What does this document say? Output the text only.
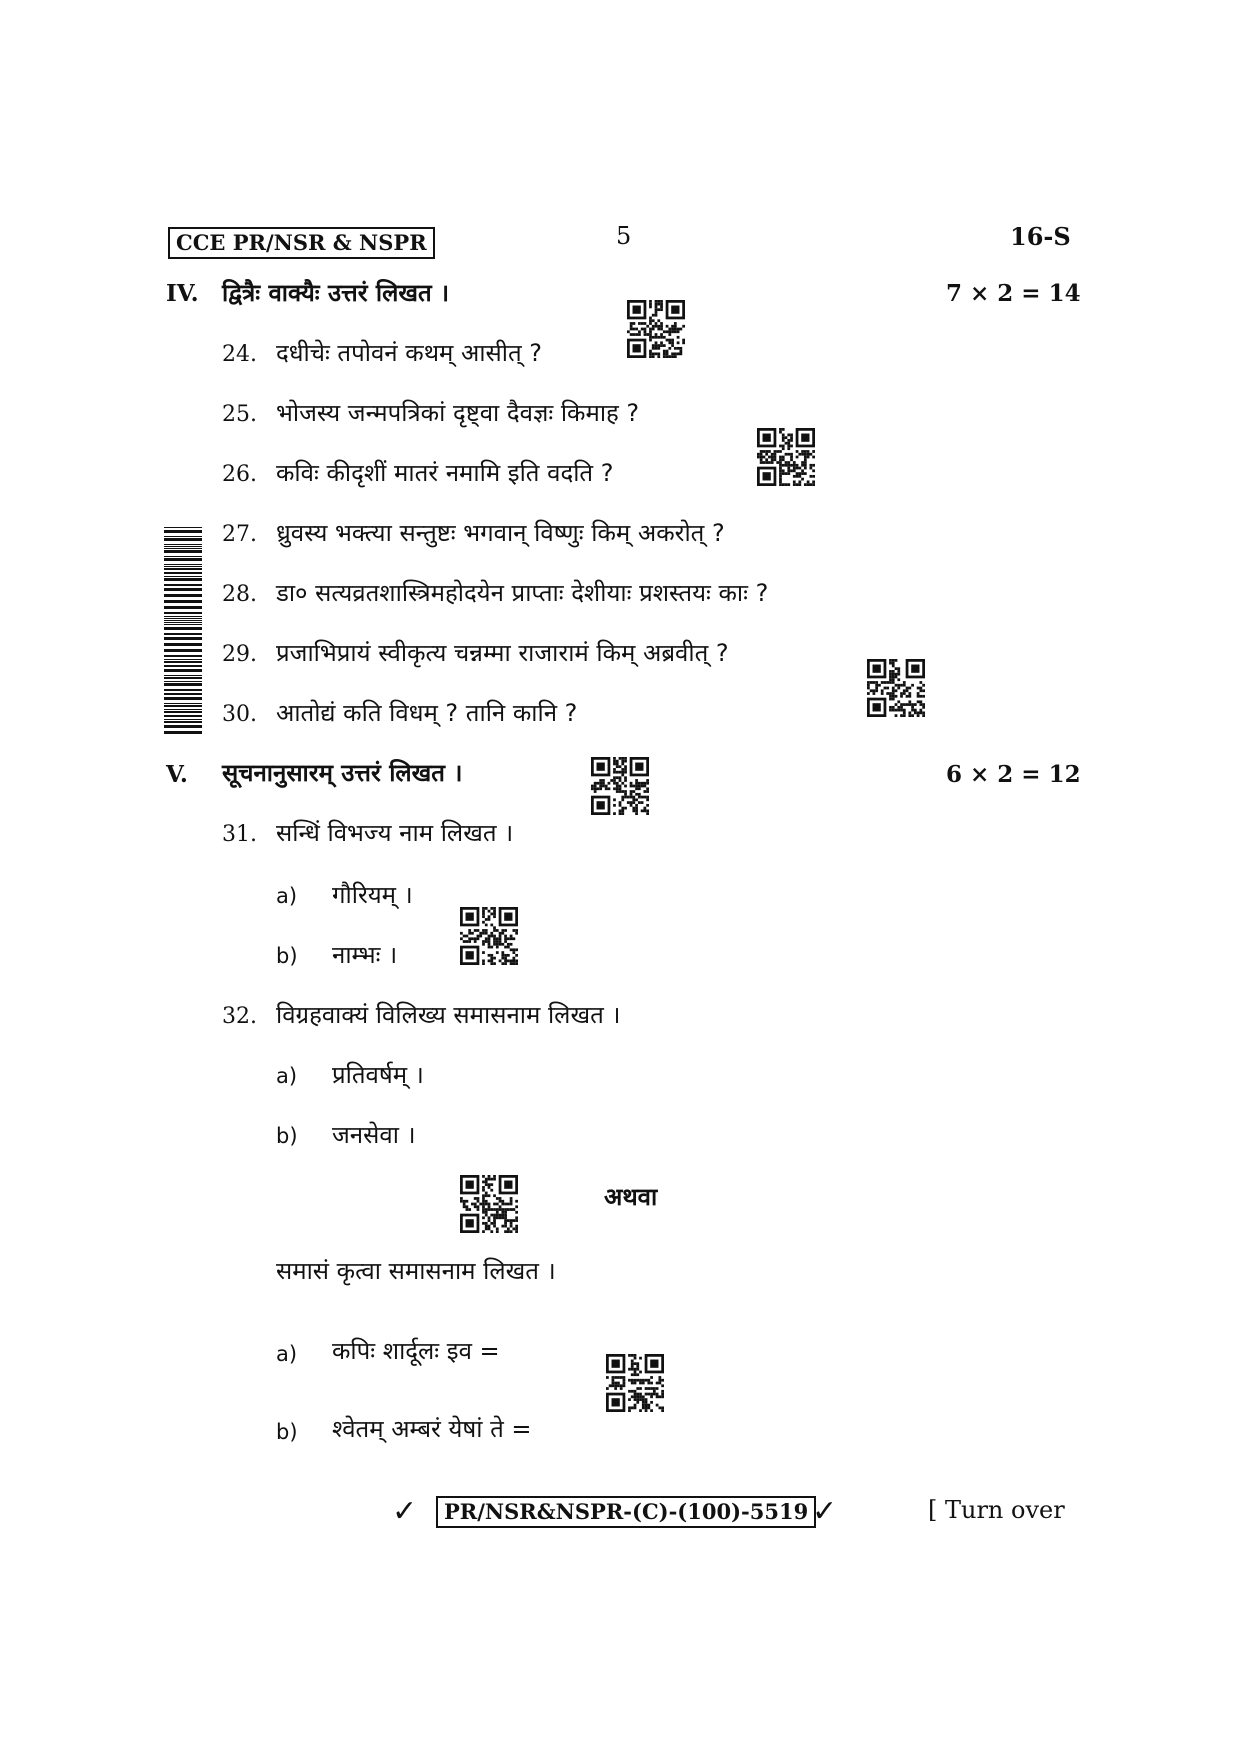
CCE PR/NSR & NSPR	5	16-S
IV. द्वित्रैः वाक्यैः उत्तरं लिखत ।	7 × 2 = 14
24. दधीचेः तपोवनं कथम् आसीत् ?
25. भोजस्य जन्मपत्रिकां दृष्ट्वा दैवज्ञः किमाह ?
26. कविः कीदृशीं मातरं नमामि इति वदति ?
27. ध्रुवस्य भक्त्या सन्तुष्टः भगवान् विष्णुः किम् अकरोत् ?
28. डा० सत्यव्रतशास्त्रिमहोदयेन प्राप्ताः देशीयाः प्रशस्तयः काः ?
29. प्रजाभिप्रायं स्वीकृत्य चन्नम्मा राजारामं किम् अब्रवीत् ?
30. आतोद्यं कति विधम् ? तानि कानि ?
V. सूचनानुसारम् उत्तरं लिखत ।	6 × 2 = 12
31. सन्धिं विभज्य नाम लिखत ।
a) गौरियम् ।
b) नाम्भः ।
32. विग्रहवाक्यं विलिख्य समासनाम लिखत ।
a) प्रतिवर्षम् ।
b) जनसेवा ।
अथवा
समासं कृत्वा समासनाम लिखत ।
a) कपिः शार्दूलः इव =
b) श्वेतम् अम्बरं येषां ते =
✓	PR/NSR&NSPR-(C)-(100)-5519 ✓	[ Turn over
